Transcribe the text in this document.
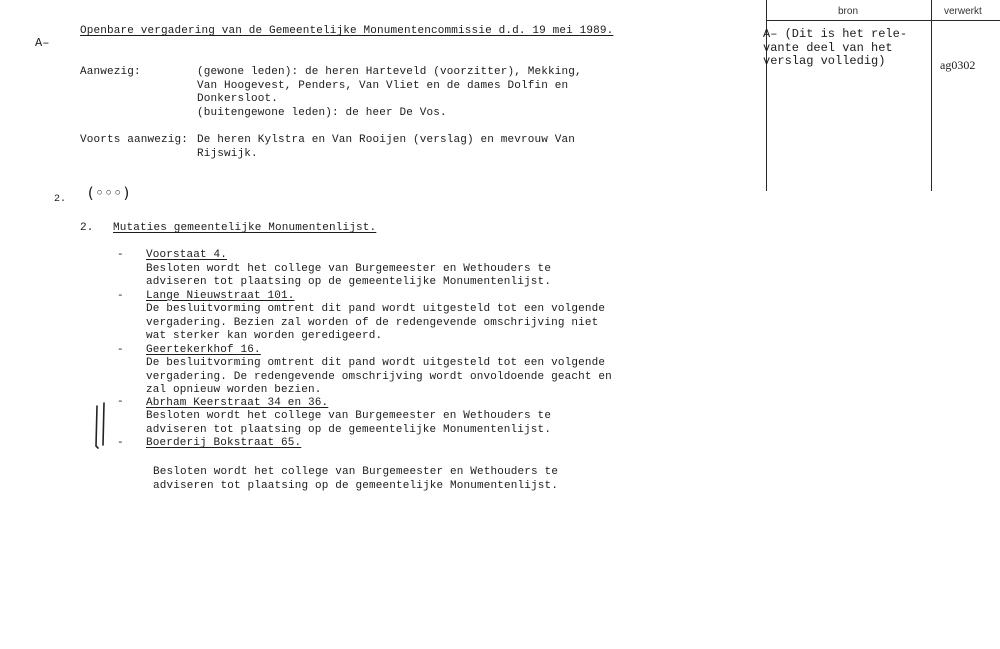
A–
Openbare vergadering van de Gemeentelijke Monumentencommissie d.d. 19 mei 1989.
Aanwezig:	(gewone leden): de heren Harteveld (voorzitter), Mekking,
Van Hoogevest, Penders, Van Vliet en de dames Dolfin en
Donkersloot.
(buitengewone leden): de heer De Vos.
Voorts aanwezig: De heren Kylstra en Van Rooijen (verslag) en mevrouw Van
Rijswijk.
2. (◦◦◦)
2. Mutaties gemeentelijke Monumentenlijst.
- Voorstaat 4.
Besloten wordt het college van Burgemeester en Wethouders te
adviseren tot plaatsing op de gemeentelijke Monumentenlijst.
- Lange Nieuwstraat 101.
De besluitvorming omtrent dit pand wordt uitgesteld tot een volgende
vergadering. Bezien zal worden of de redengevende omschrijving niet
wat sterker kan worden geredigeerd.
- Geertekerkhof 16.
De besluitvorming omtrent dit pand wordt uitgesteld tot een volgende
vergadering. De redengevende omschrijving wordt onvoldoende geacht en
zal opnieuw worden bezien.
- Abrham Keerstraat 34 en 36.
Besloten wordt het college van Burgemeester en Wethouders te
adviseren tot plaatsing op de gemeentelijke Monumentenlijst.
- Boerderij Bokstraat 65.
Besloten wordt het college van Burgemeester en Wethouders te
adviseren tot plaatsing op de gemeentelijke Monumentenlijst.
bron	verwerkt
A– (Dit is het rele-
vante deel van het
verslag volledig)	ag0302
